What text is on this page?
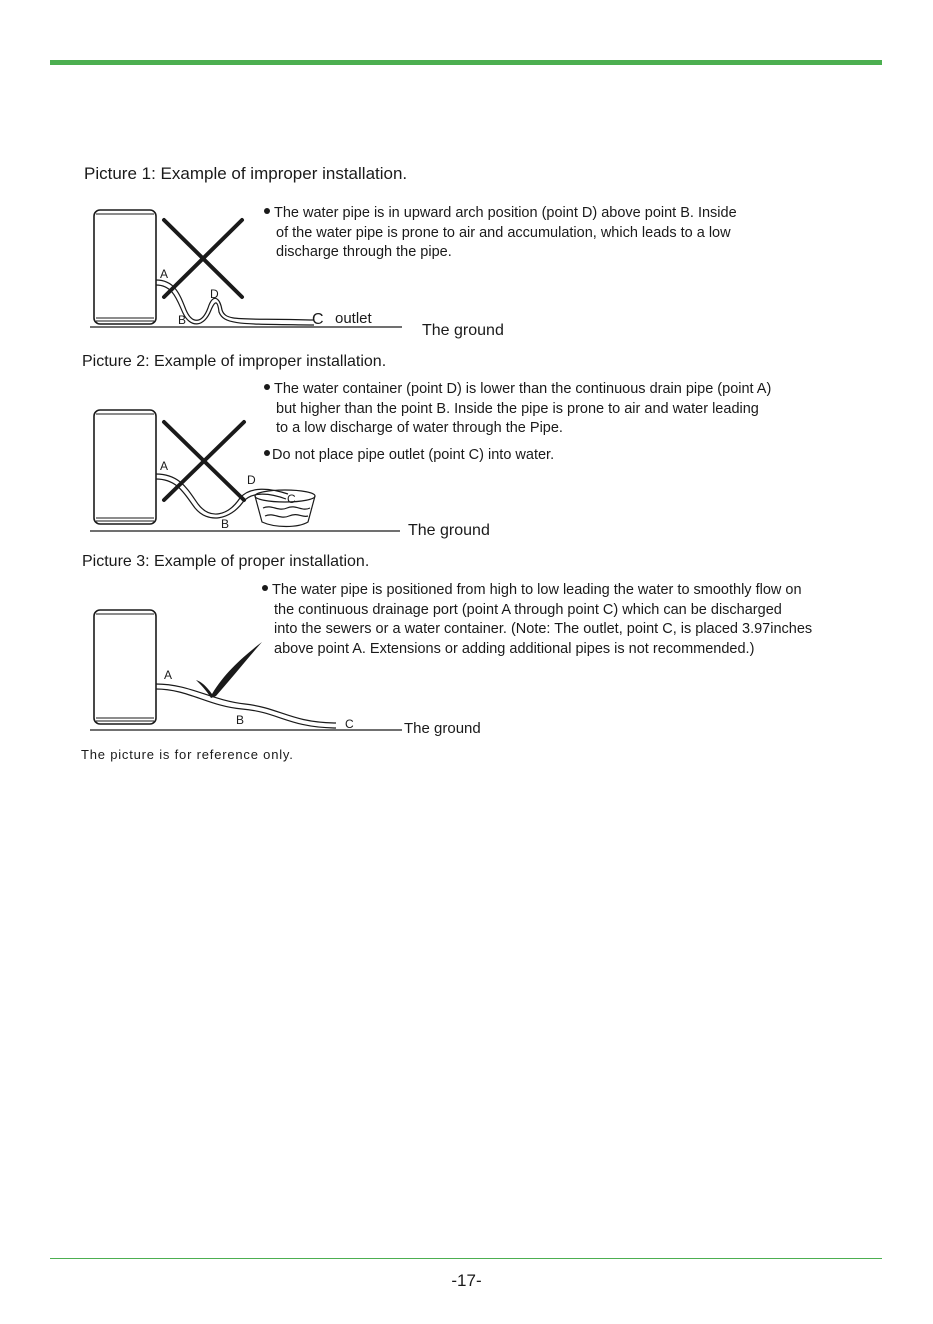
Picture 1: Example of improper installation.
The water pipe is in upward arch position (point D) above point B. Inside
of the water pipe is prone to air and accumulation, which leads to a low
discharge through the pipe.
A
B
D
C outlet
The ground
Picture 2: Example of improper installation.
The water container (point D) is lower than the continuous drain pipe (point A)
but higher than the point B. Inside the pipe is prone to air and water leading
to a low discharge of water through the Pipe.
Do not place pipe outlet (point C) into water.
A
B
D
C
The ground
Picture 3: Example of proper installation.
The water pipe is positioned from high to low leading the water to smoothly flow on
the continuous drainage port (point A through point C) which can be discharged
into the sewers or a water container. (Note: The outlet, point C, is placed 3.97inches
above point A. Extensions or adding additional pipes is not recommended.)
A
B	C	The ground
The picture is for reference only.
-17-
